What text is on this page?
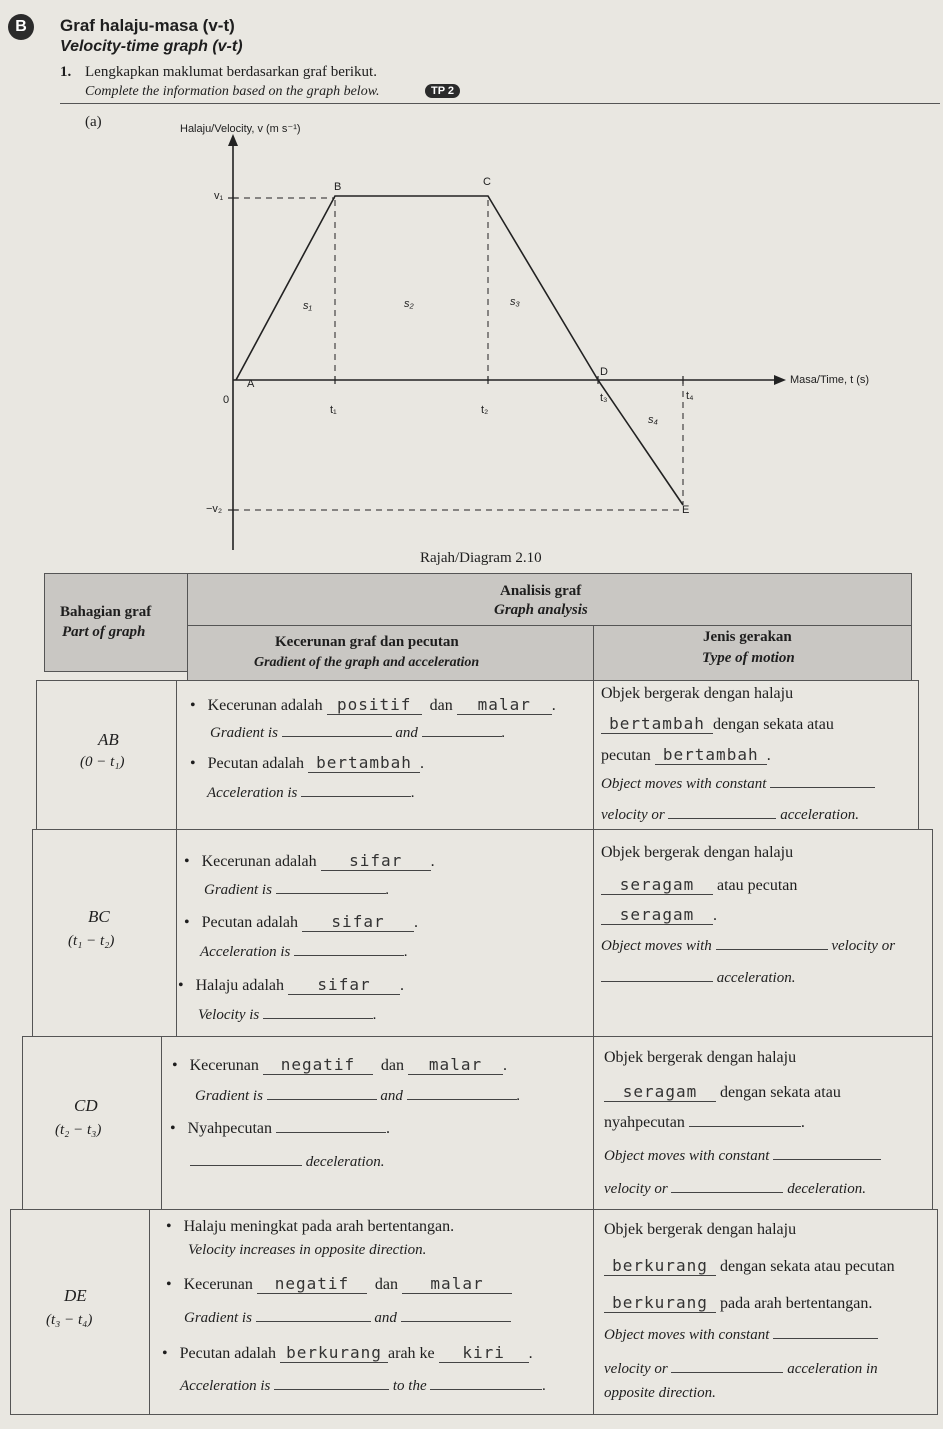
B	Graf halaju-masa (v-t)
Velocity-time graph (v-t)
1. Lengkapkan maklumat berdasarkan graf berikut.
Complete the information based on the graph below.	TP 2
(a)	Halaju/Velocity, v (m s⁻¹)
Masa/Time, t (s)
0
v₁
−v₂
t₁	t₂
t₃	t₄
A
B	C
D
E
s₁	s₂	s₃
s₄
Rajah/Diagram 2.10
Bahagian graf
Part of graph
Analisis graf
Graph analysis
Kecerunan graf dan pecutan
Gradient of the graph and acceleration
Jenis gerakan
Type of motion
AB
(0 − t₁)
• Kecerunan adalah positif dan malar .
Gradient is	and	.
• Pecutan adalah bertambah .
Acceleration is	.
Objek bergerak dengan halaju
bertambah dengan sekata atau
pecutan bertambah .
Object moves with constant
velocity or	acceleration.
BC
(t₁ − t₂)
• Kecerunan adalah sifar .
Gradient is	.
• Pecutan adalah sifar .
Acceleration is	.
• Halaju adalah sifar .
Velocity is	.
Objek bergerak dengan halaju
seragam atau pecutan
seragam .
Object moves with	velocity or
acceleration.
CD
(t₂ − t₃)
• Kecerunan negatif dan malar .
Gradient is	and	.
• Nyahpecutan	.
deceleration.
Objek bergerak dengan halaju
seragam dengan sekata atau
nyahpecutan	.
Object moves with constant
velocity or	deceleration.
DE
(t₃ − t₄)
• Halaju meningkat pada arah bertentangan.
Velocity increases in opposite direction.
• Kecerunan negatif dan malar
Gradient is	and
• Pecutan adalah berkurang arah ke kiri .
Acceleration is	to the	.
Objek bergerak dengan halaju
berkurang dengan sekata atau pecutan
berkurang pada arah bertentangan.
Object moves with constant
velocity or	acceleration in
opposite direction.
